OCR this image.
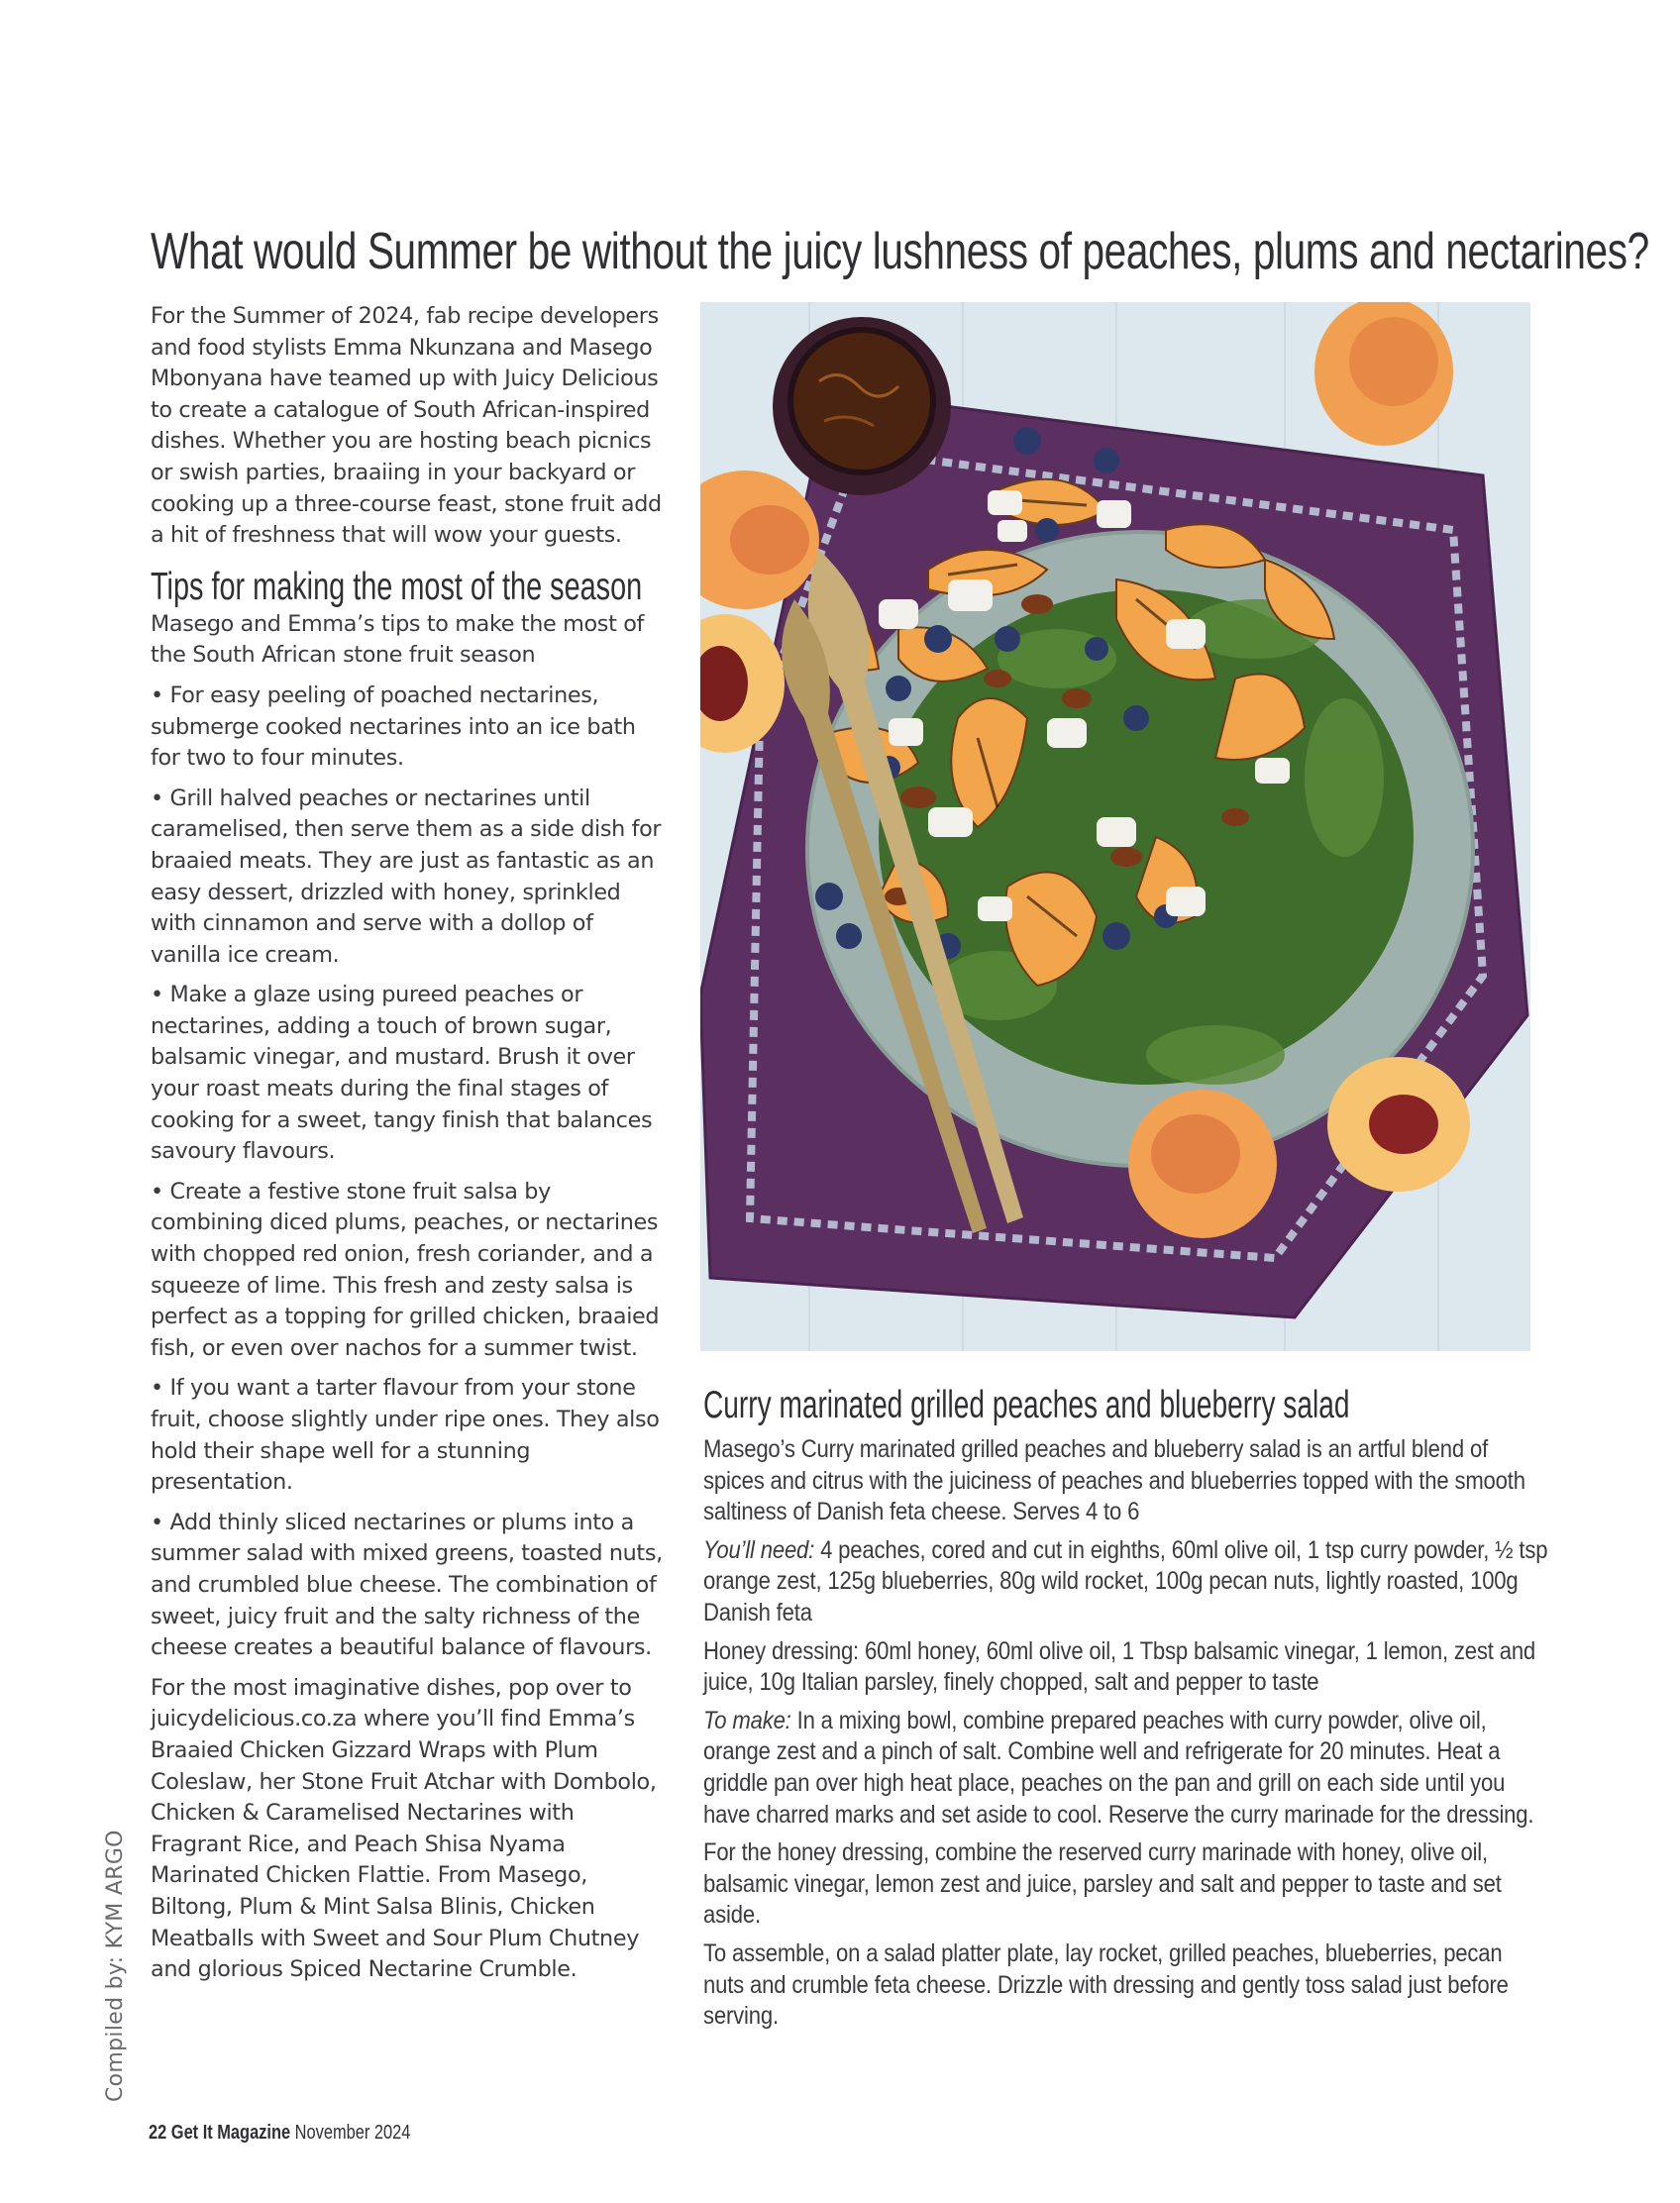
What would Summer be without the juicy lushness of peaches, plums and nectarines?

For the Summer of 2024, fab recipe developers and food stylists Emma Nkunzana and Masego Mbonyana have teamed up with Juicy Delicious to create a catalogue of South African-inspired dishes. Whether you are hosting beach picnics or swish parties, braaiing in your backyard or cooking up a three-course feast, stone fruit add a hit of freshness that will wow your guests.

Tips for making the most of the season

Masego and Emma’s tips to make the most of the South African stone fruit season

• For easy peeling of poached nectarines, submerge cooked nectarines into an ice bath for two to four minutes.

• Grill halved peaches or nectarines until caramelised, then serve them as a side dish for braaied meats. They are just as fantastic as an easy dessert, drizzled with honey, sprinkled with cinnamon and serve with a dollop of vanilla ice cream.

• Make a glaze using pureed peaches or nectarines, adding a touch of brown sugar, balsamic vinegar, and mustard. Brush it over your roast meats during the final stages of cooking for a sweet, tangy finish that balances savoury flavours.

• Create a festive stone fruit salsa by combining diced plums, peaches, or nectarines with chopped red onion, fresh coriander, and a squeeze of lime. This fresh and zesty salsa is perfect as a topping for grilled chicken, braaied fish, or even over nachos for a summer twist.

• If you want a tarter flavour from your stone fruit, choose slightly under ripe ones. They also hold their shape well for a stunning presentation.

• Add thinly sliced nectarines or plums into a summer salad with mixed greens, toasted nuts, and crumbled blue cheese. The combination of sweet, juicy fruit and the salty richness of the cheese creates a beautiful balance of flavours.

For the most imaginative dishes, pop over to juicydelicious.co.za where you’ll find Emma’s Braaied Chicken Gizzard Wraps with Plum Coleslaw, her Stone Fruit Atchar with Dombolo, Chicken & Caramelised Nectarines with Fragrant Rice, and Peach Shisa Nyama Marinated Chicken Flattie. From Masego, Biltong, Plum & Mint Salsa Blinis, Chicken Meatballs with Sweet and Sour Plum Chutney and glorious Spiced Nectarine Crumble.

Curry marinated grilled peaches and blueberry salad

Masego’s Curry marinated grilled peaches and blueberry salad is an artful blend of spices and citrus with the juiciness of peaches and blueberries topped with the smooth saltiness of Danish feta cheese. Serves 4 to 6

You’ll need: 4 peaches, cored and cut in eighths, 60ml olive oil, 1 tsp curry powder, ½ tsp orange zest, 125g blueberries, 80g wild rocket, 100g pecan nuts, lightly roasted, 100g Danish feta

Honey dressing: 60ml honey, 60ml olive oil, 1 Tbsp balsamic vinegar, 1 lemon, zest and juice, 10g Italian parsley, finely chopped, salt and pepper to taste

To make: In a mixing bowl, combine prepared peaches with curry powder, olive oil, orange zest and a pinch of salt. Combine well and refrigerate for 20 minutes. Heat a griddle pan over high heat place, peaches on the pan and grill on each side until you have charred marks and set aside to cool. Reserve the curry marinade for the dressing.

For the honey dressing, combine the reserved curry marinade with honey, olive oil, balsamic vinegar, lemon zest and juice, parsley and salt and pepper to taste and set aside.

To assemble, on a salad platter plate, lay rocket, grilled peaches, blueberries, pecan nuts and crumble feta cheese. Drizzle with dressing and gently toss salad just before serving.

Compiled by: KYM ARGO
22 Get It Magazine November 2024
